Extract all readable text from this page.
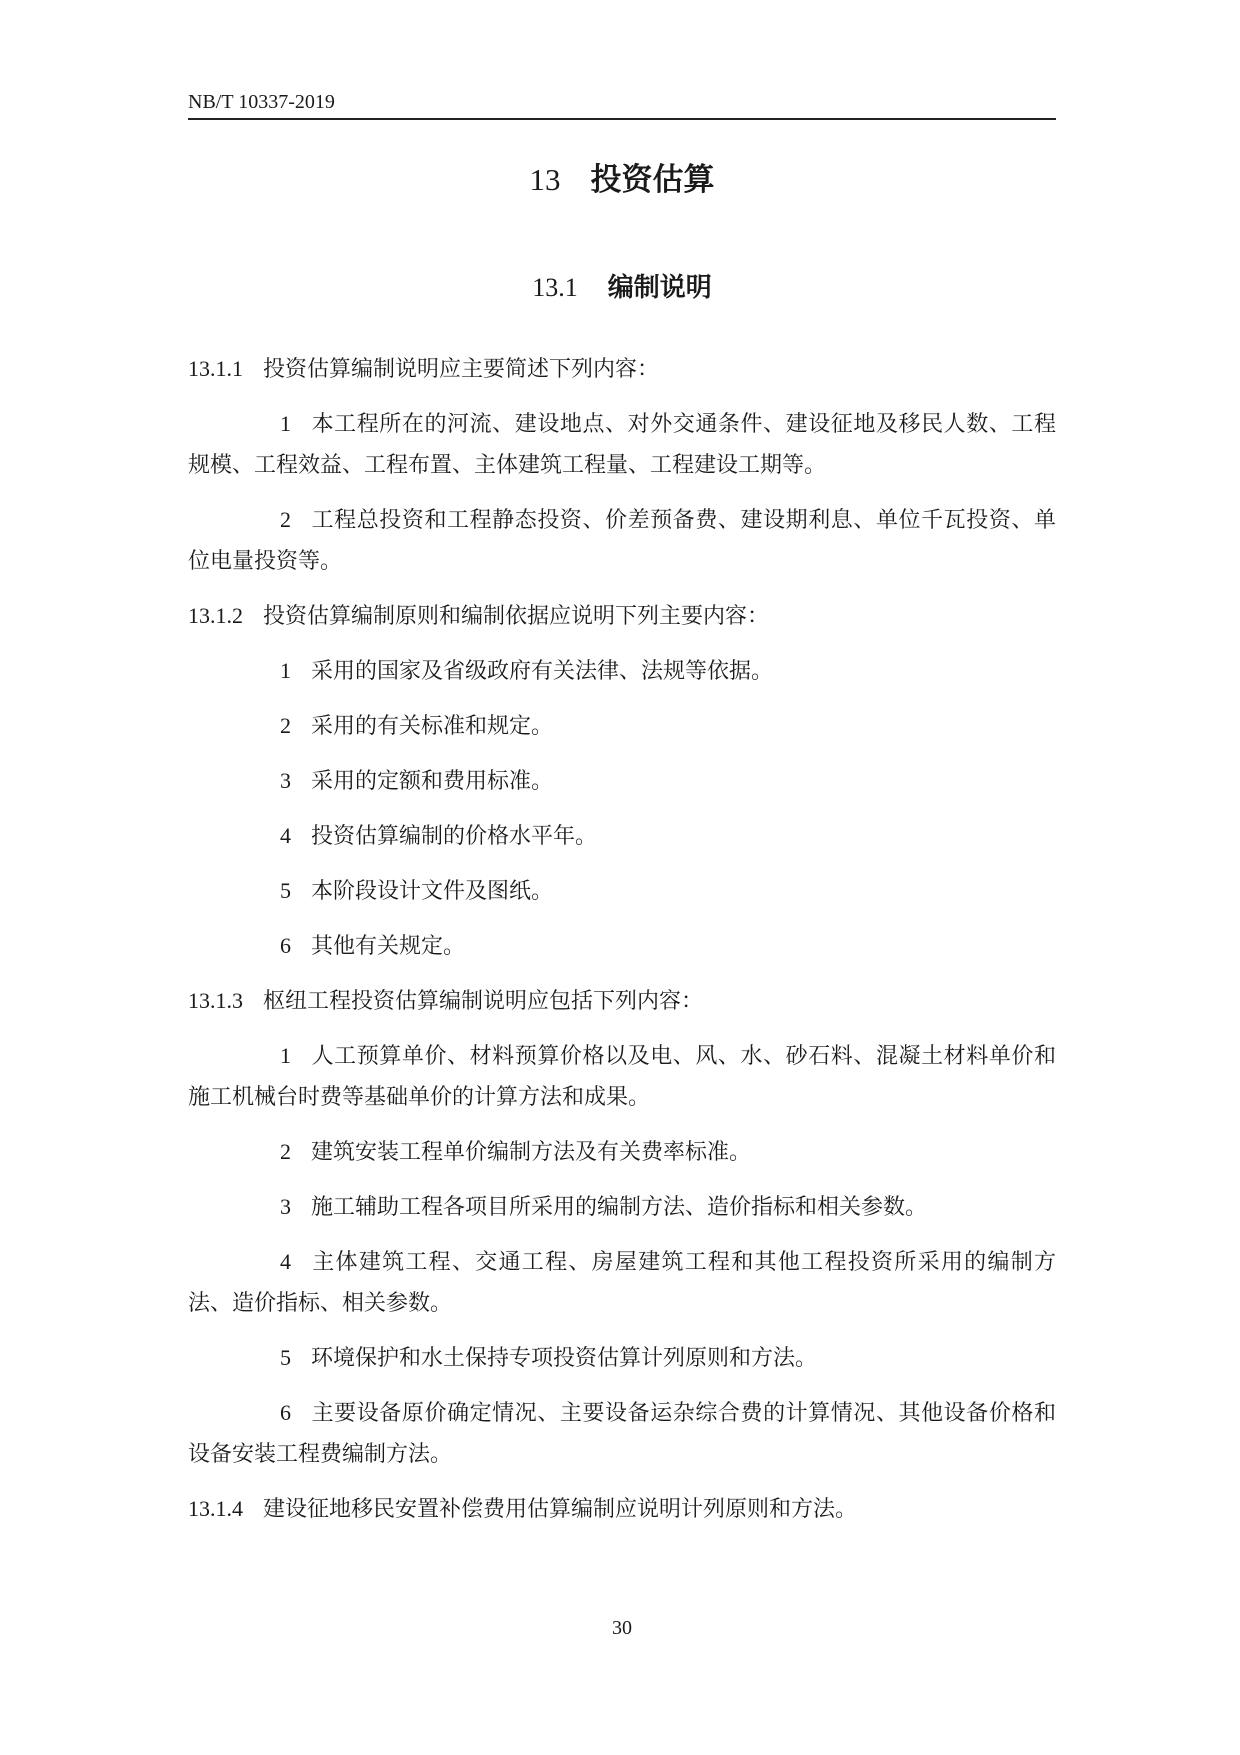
NB/T 10337-2019
13 投资估算
13.1 编制说明

13.1.1 投资估算编制说明应主要简述下列内容：

1 本工程所在的河流、建设地点、对外交通条件、建设征地及移民人数、工程规模、工程效益、工程布置、主体建筑工程量、工程建设工期等。

2 工程总投资和工程静态投资、价差预备费、建设期利息、单位千瓦投资、单位电量投资等。

13.1.2 投资估算编制原则和编制依据应说明下列主要内容：

1 采用的国家及省级政府有关法律、法规等依据。

2 采用的有关标准和规定。

3 采用的定额和费用标准。

4 投资估算编制的价格水平年。

5 本阶段设计文件及图纸。

6 其他有关规定。

13.1.3 枢纽工程投资估算编制说明应包括下列内容：

1 人工预算单价、材料预算价格以及电、风、水、砂石料、混凝土材料单价和施工机械台时费等基础单价的计算方法和成果。

2 建筑安装工程单价编制方法及有关费率标准。

3 施工辅助工程各项目所采用的编制方法、造价指标和相关参数。

4 主体建筑工程、交通工程、房屋建筑工程和其他工程投资所采用的编制方法、造价指标、相关参数。

5 环境保护和水土保持专项投资估算计列原则和方法。

6 主要设备原价确定情况、主要设备运杂综合费的计算情况、其他设备价格和设备安装工程费编制方法。

13.1.4 建设征地移民安置补偿费用估算编制应说明计列原则和方法。

30
